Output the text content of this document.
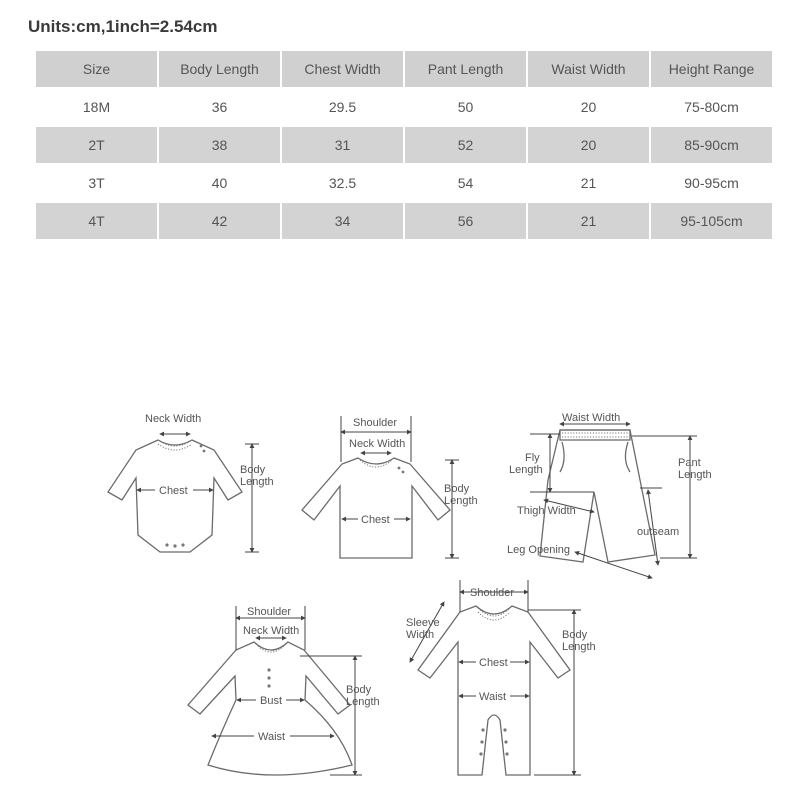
Units:cm,1inch=2.54cm
Size	Body Length	Chest Width	Pant Length	Waist Width	Height Range
18M	36	29.5	50	20	75-80cm
2T	38	31	52	20	85-90cm
3T	40	32.5	54	21	90-95cm
4T	42	34	56	21	95-105cm
Neck Width
Chest
Body
Length
Shoulder
Neck Width
Chest
Body
Length
Waist Width
Fly
Length
Pant
Length
Thigh Width
outseam
Leg Opening
Shoulder
Neck Width
Bust
Waist
Body
Length
Shoulder
Sleeve
Width
Chest
Waist
Body
Length
